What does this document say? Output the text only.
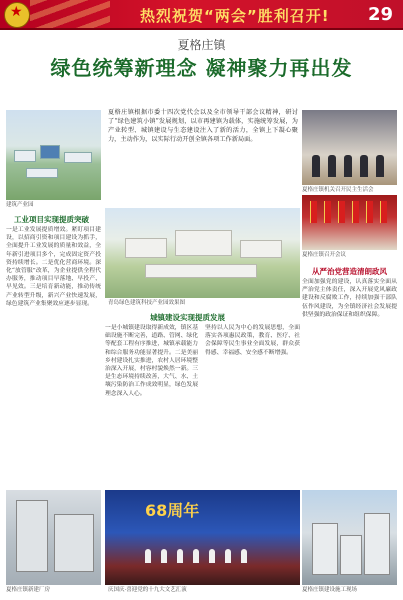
★
热烈祝贺“两会”胜利召开! 29
夏格庄镇
绿色统筹新理念 凝神聚力再出发
建筑产业园
夏格庄镇根据市委十四次党代会以及全市领导干部会议精神，研讨了“绿色建筑小镇”发展规划，以市再建镇为载体，实施统筹发展，为产业转型、城镇建设与生态建设注入了新的活力，全镇上下凝心聚力，主动作为，以实际行动开创全镇各项工作新局面。
夏格庄镇机关召开民主生活会
工业项目实现提质突破
一是工业发展提质增效。紧盯项目建设，以招商引资和项目建设为抓手，全面提升工业发展的质量和效益，全年新引进项目多个，完成固定资产投资持续增长。二是优化营商环境。深化“放管服”改革，为企业提供全程代办服务，推动项目早落地、早投产、早见效。三是培育新动能，推动传统产业转型升级，新兴产业快速发展，绿色建筑产业集聚效应逐步显现。	青岛绿色建筑科技产业园效果图
城镇建设实现提质发展
一是小城镇建设取得新成效，镇区基础设施不断完善，道路、管网、绿化等配套工程有序推进，城镇承载能力和综合服务功能显著提升。二是美丽乡村建设扎实推进，农村人居环境整治深入开展，村容村貌焕然一新。三是生态环境持续改善，大气、水、土壤污染防治工作成效明显，绿色发展理念深入人心。
坚持以人民为中心的发展思想，全面落实各项惠民政策，教育、医疗、社会保障等民生事业全面发展，群众获得感、幸福感、安全感不断增强。
夏格庄镇召开会议
从严治党营造清朗政风
全面加强党的建设，认真落实全面从严治党主体责任，深入开展党风廉政建设和反腐败工作，持续加强干部队伍作风建设，为全镇经济社会发展提供坚强的政治保证和组织保障。
夏格庄镇新建厂房
68周年
庆国庆·喜迎党的十九大文艺汇演	夏格庄镇建设施工现场
